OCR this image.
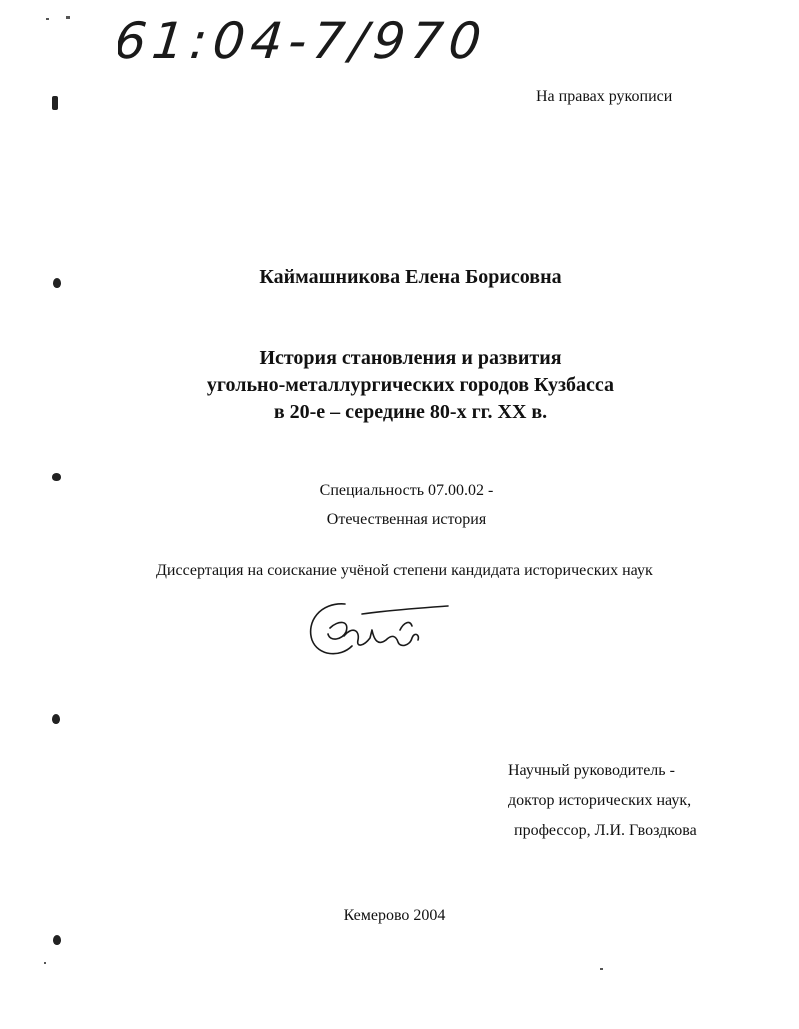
61:04-7/970
На правах рукописи
Каймашникова Елена Борисовна
История становления и развития
угольно-металлургических городов Кузбасса
в 20-е – середине 80-х гг. XX в.
Специальность 07.00.02 -
Отечественная история
Диссертация на соискание учёной степени кандидата исторических наук
Научный руководитель -
доктор исторических наук,
профессор, Л.И. Гвоздкова
Кемерово 2004
